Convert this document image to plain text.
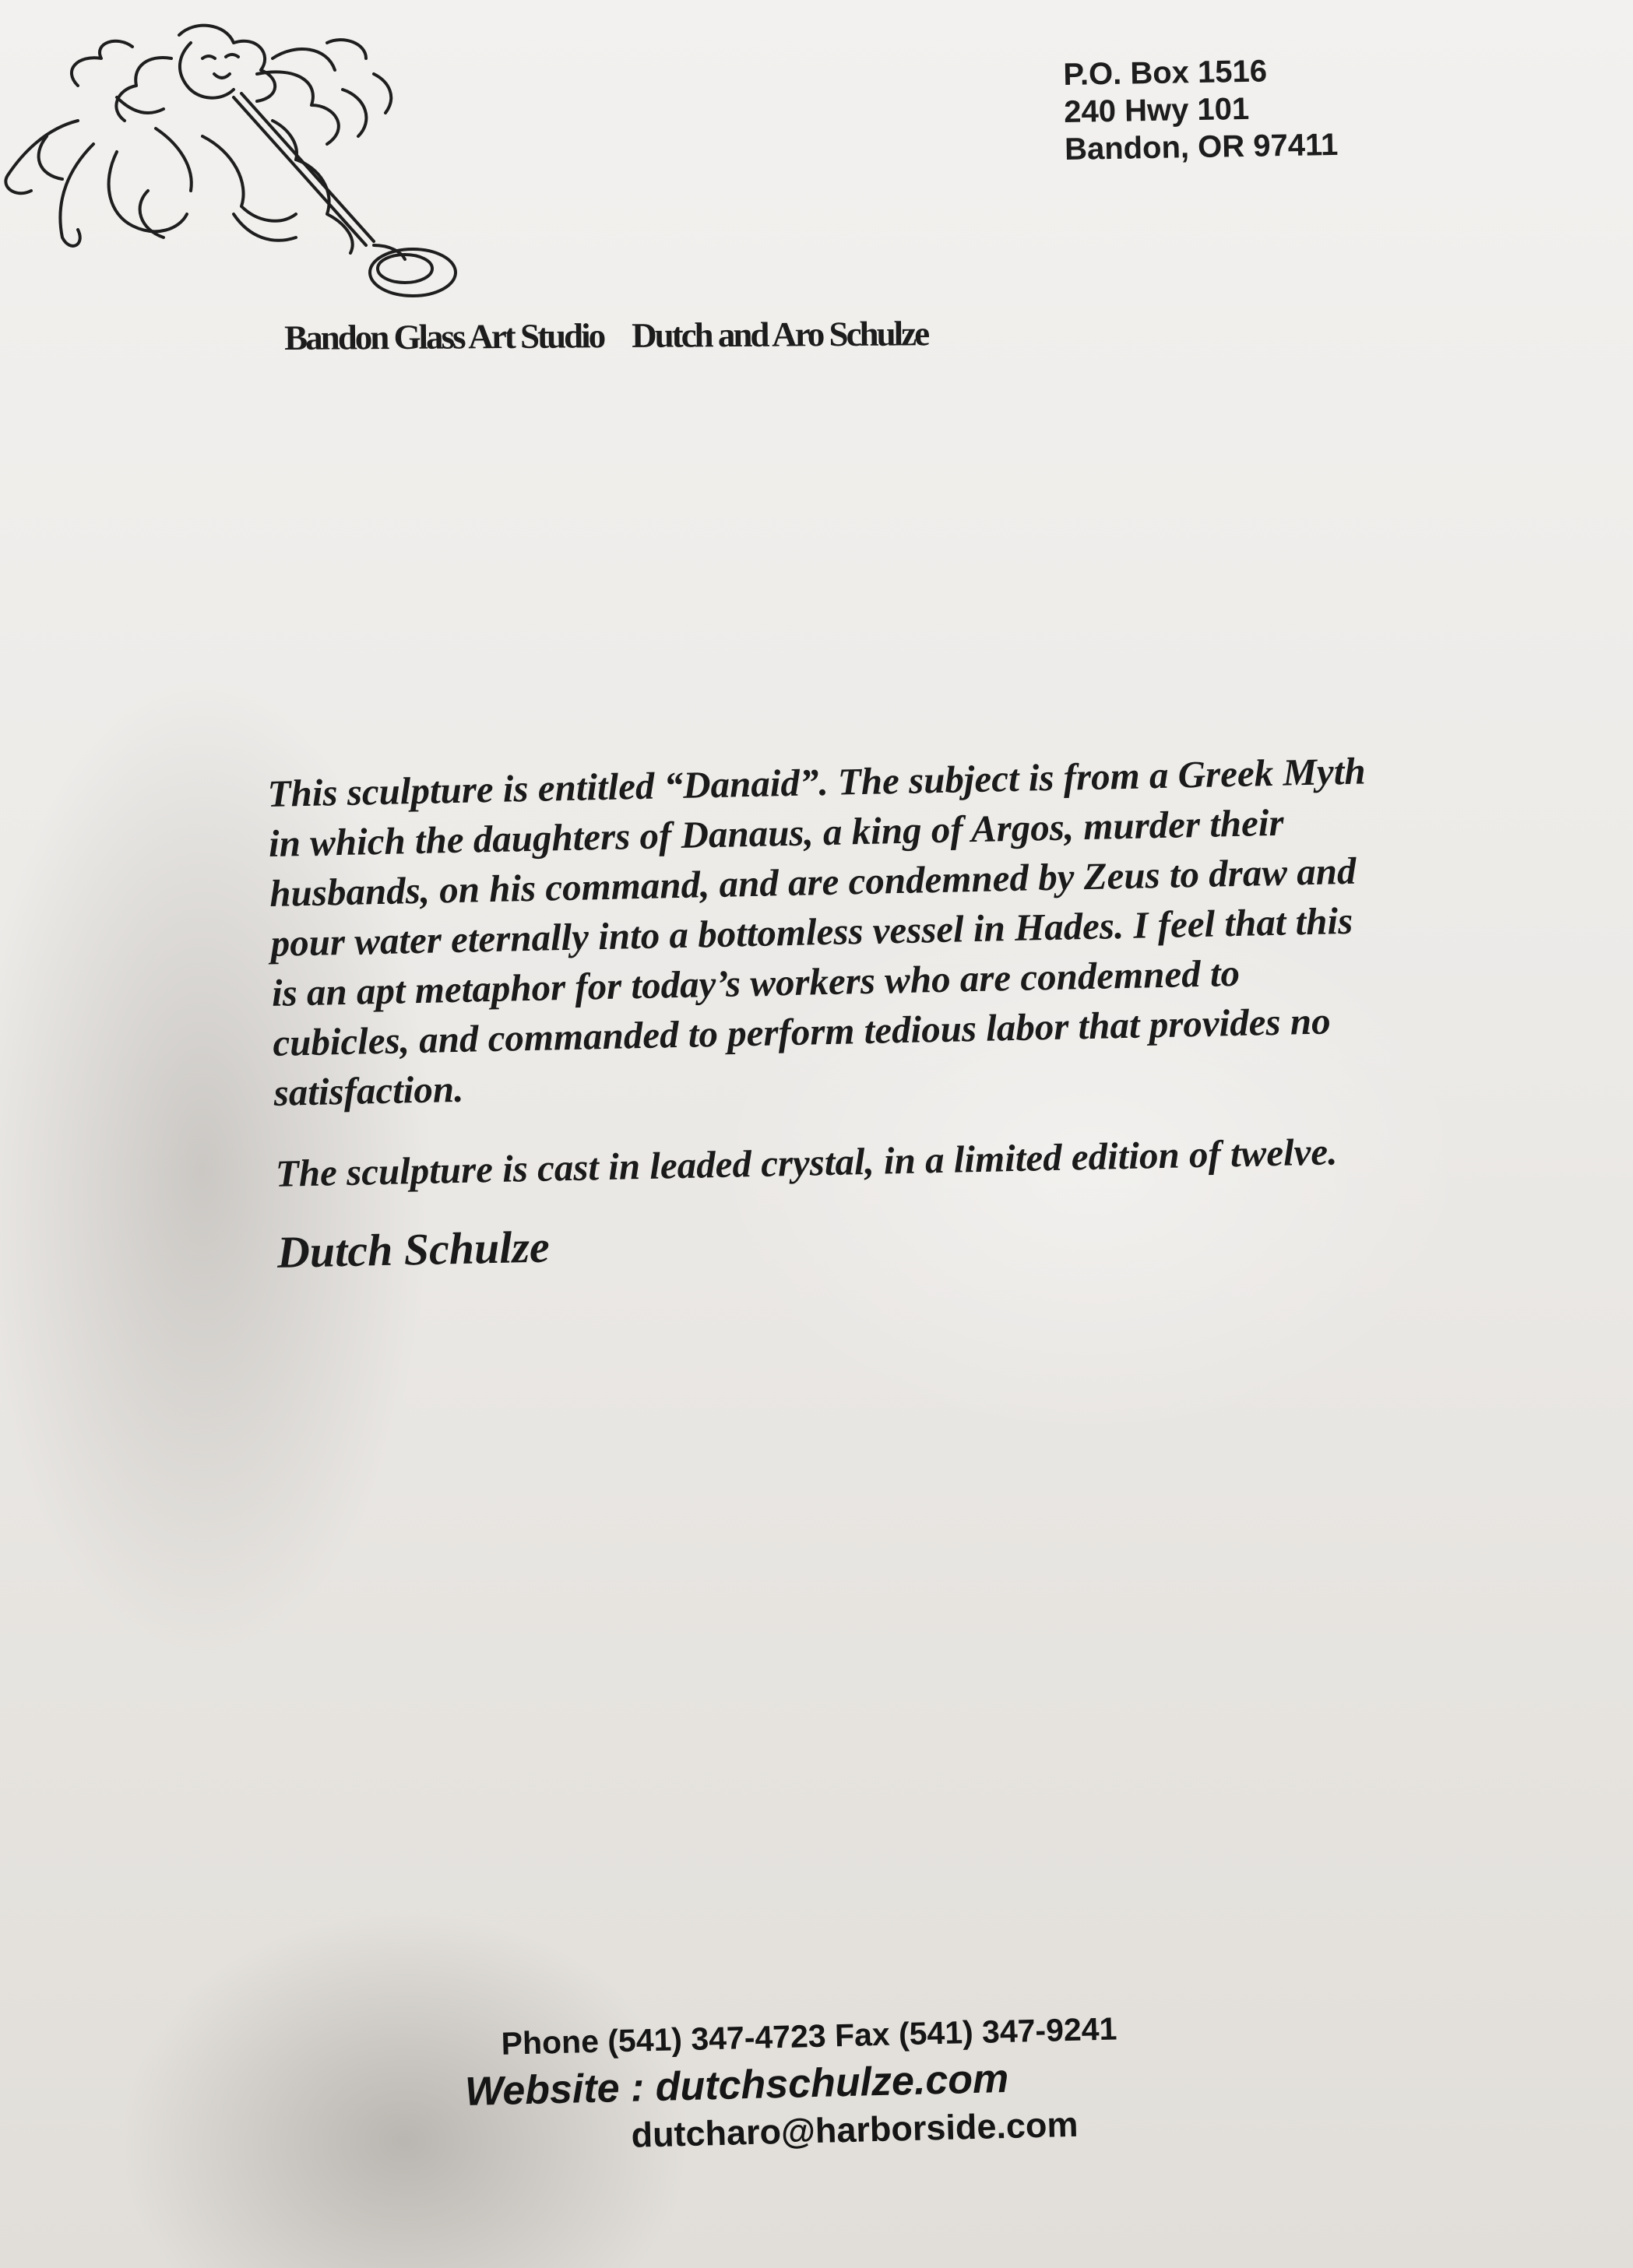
P.O. Box 1516
240 Hwy 101
Bandon, OR 97411
Bandon Glass Art Studio Dutch and Aro Schulze
This sculpture is entitled “Danaid”. The subject is from a Greek Myth
in which the daughters of Danaus, a king of Argos, murder their
husbands, on his command, and are condemned by Zeus to draw and
pour water eternally into a bottomless vessel in Hades. I feel that this
is an apt metaphor for today’s workers who are condemned to
cubicles, and commanded to perform tedious labor that provides no
satisfaction.
The sculpture is cast in leaded crystal, in a limited edition of twelve.
Dutch Schulze
Phone (541) 347-4723 Fax (541) 347-9241
Website : dutchschulze.com
dutcharo@harborside.com
